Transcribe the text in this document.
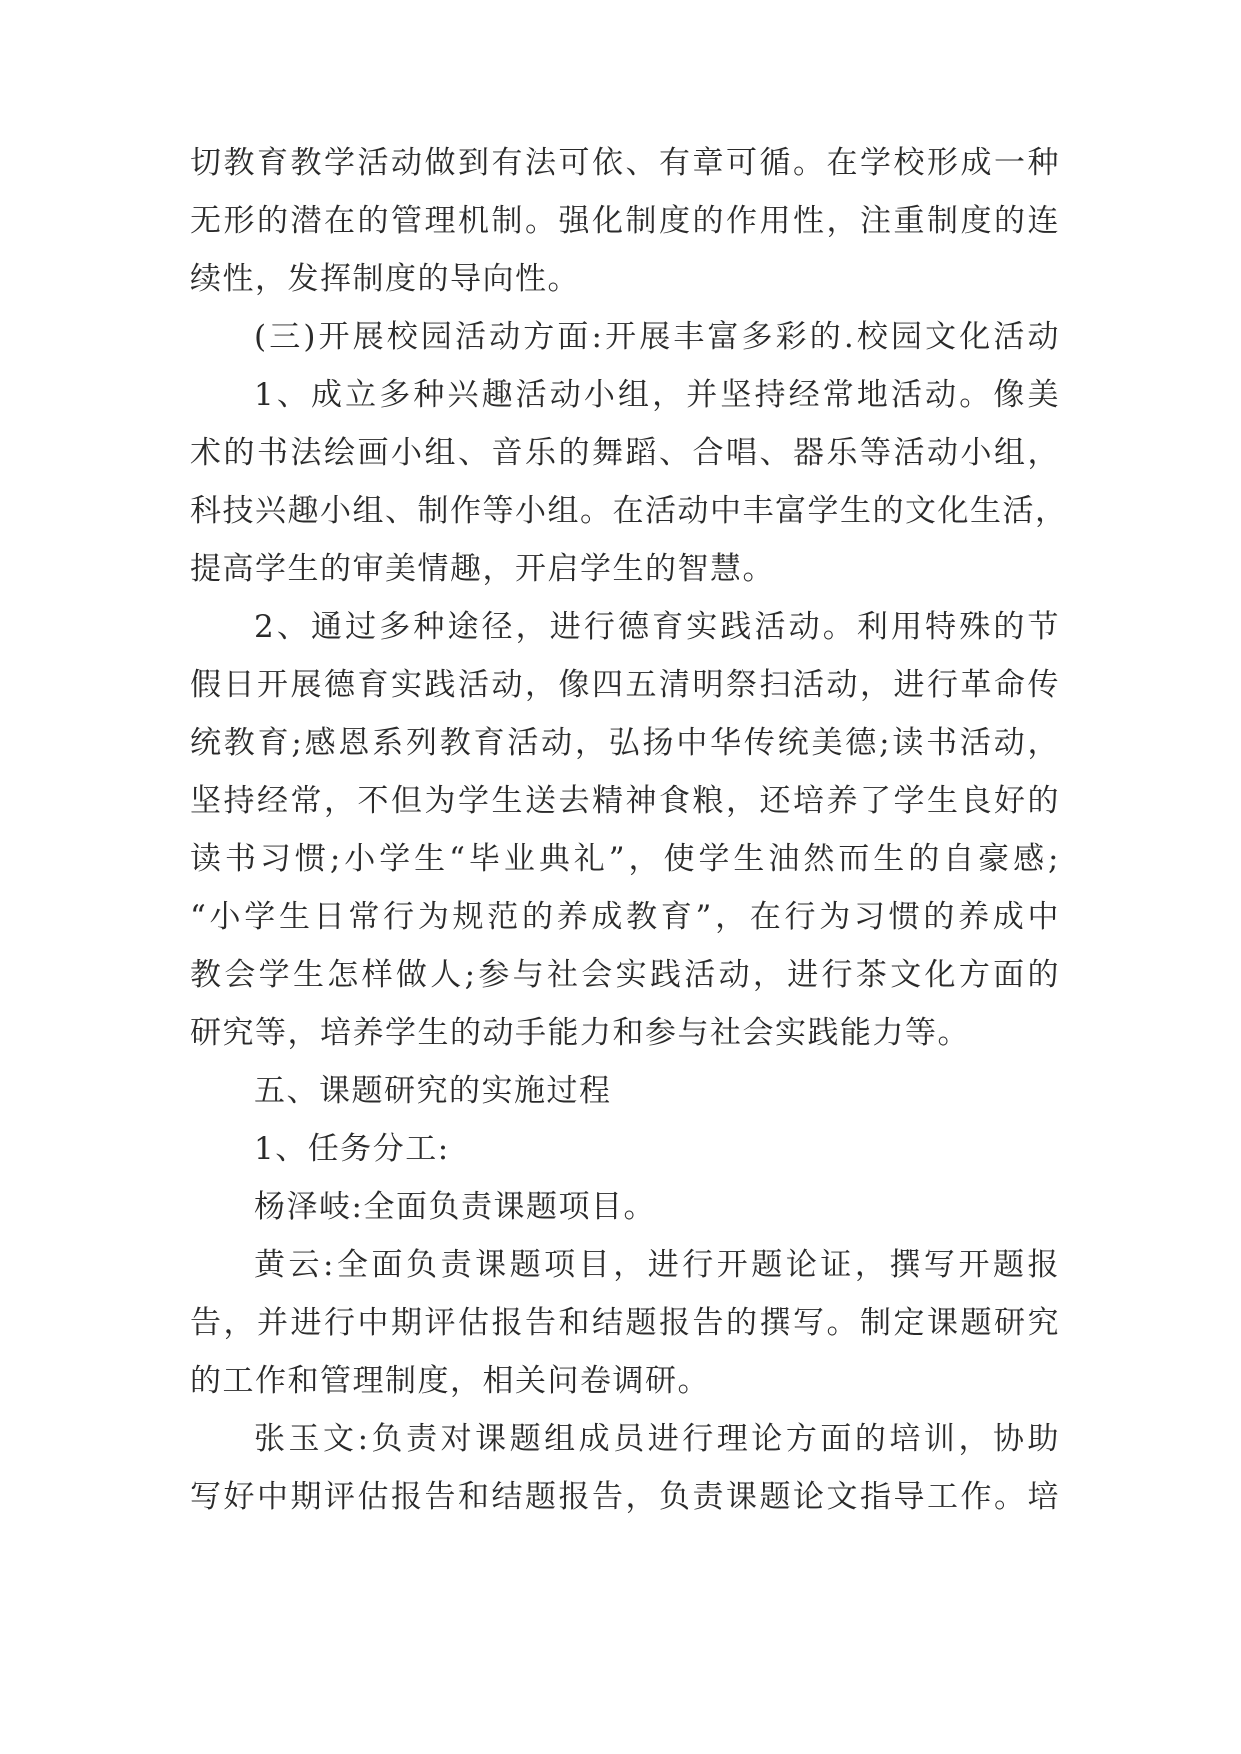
切教育教学活动做到有法可依、有章可循。在学校形成一种
无形的潜在的管理机制。强化制度的作用性，注重制度的连
续性，发挥制度的导向性。
(三)开展校园活动方面:开展丰富多彩的.校园文化活动
1、成立多种兴趣活动小组，并坚持经常地活动。像美
术的书法绘画小组、音乐的舞蹈、合唱、器乐等活动小组，
科技兴趣小组、制作等小组。在活动中丰富学生的文化生活，
提高学生的审美情趣，开启学生的智慧。
2、通过多种途径，进行德育实践活动。利用特殊的节
假日开展德育实践活动，像四五清明祭扫活动，进行革命传
统教育;感恩系列教育活动，弘扬中华传统美德;读书活动，
坚持经常，不但为学生送去精神食粮，还培养了学生良好的
读书习惯;小学生“毕业典礼”，使学生油然而生的自豪感;
“小学生日常行为规范的养成教育”，在行为习惯的养成中
教会学生怎样做人;参与社会实践活动，进行茶文化方面的
研究等，培养学生的动手能力和参与社会实践能力等。
五、课题研究的实施过程
1、任务分工:
杨泽岐:全面负责课题项目。
黄云:全面负责课题项目，进行开题论证，撰写开题报
告，并进行中期评估报告和结题报告的撰写。制定课题研究
的工作和管理制度，相关问卷调研。
张玉文:负责对课题组成员进行理论方面的培训，协助
写好中期评估报告和结题报告，负责课题论文指导工作。培
